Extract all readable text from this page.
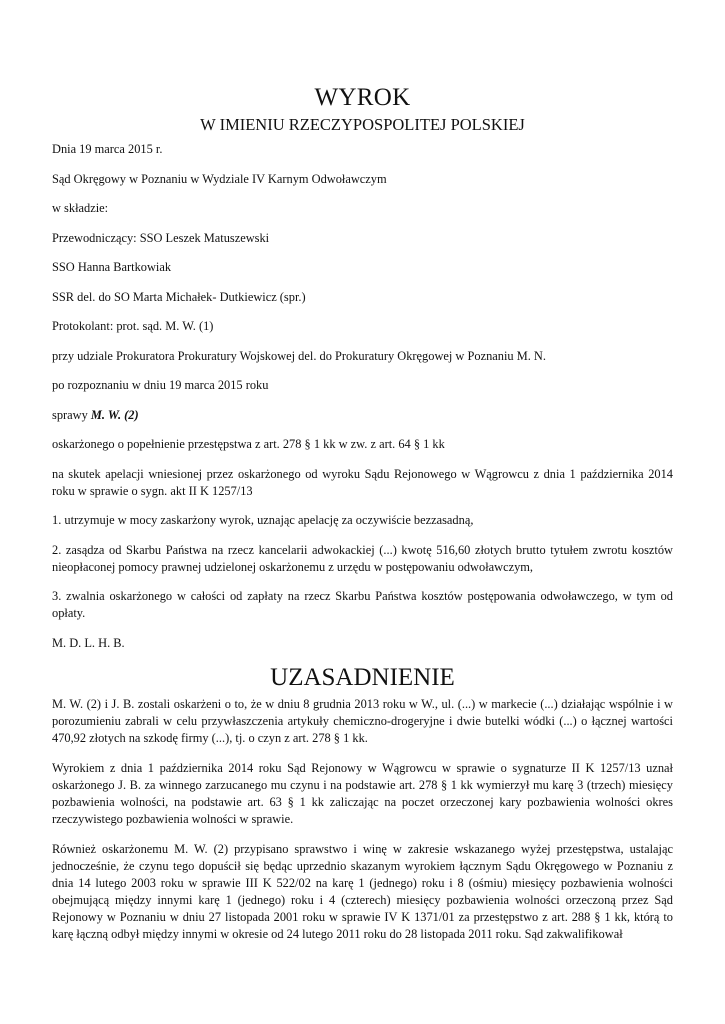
WYROK
W IMIENIU RZECZYPOSPOLITEJ POLSKIEJ

Dnia 19 marca 2015 r.

Sąd Okręgowy w Poznaniu w Wydziale IV Karnym Odwoławczym

w składzie:

Przewodniczący: SSO Leszek Matuszewski

SSO Hanna Bartkowiak

SSR del. do SO Marta Michałek- Dutkiewicz (spr.)

Protokolant: prot. sąd. M. W. (1)

przy udziale Prokuratora Prokuratury Wojskowej del. do Prokuratury Okręgowej w Poznaniu M. N.

po rozpoznaniu w dniu 19 marca 2015 roku

sprawy M. W. (2)

oskarżonego o popełnienie przestępstwa z art. 278 § 1 kk w zw. z art. 64 § 1 kk

na skutek apelacji wniesionej przez oskarżonego od wyroku Sądu Rejonowego w Wągrowcu z dnia 1 października 2014 roku w sprawie o sygn. akt II K 1257/13

1. utrzymuje w mocy zaskarżony wyrok, uznając apelację za oczywiście bezzasadną,

2. zasądza od Skarbu Państwa na rzecz kancelarii adwokackiej (...) kwotę 516,60 złotych brutto tytułem zwrotu kosztów nieopłaconej pomocy prawnej udzielonej oskarżonemu z urzędu w postępowaniu odwoławczym,

3. zwalnia oskarżonego w całości od zapłaty na rzecz Skarbu Państwa kosztów postępowania odwoławczego, w tym od opłaty.

M. D. L. H. B.

UZASADNIENIE

M. W. (2) i J. B. zostali oskarżeni o to, że w dniu 8 grudnia 2013 roku w W., ul. (...) w markecie (...) działając wspólnie i w porozumieniu zabrali w celu przywłaszczenia artykuły chemiczno-drogeryjne i dwie butelki wódki (...) o łącznej wartości 470,92 złotych na szkodę firmy (...), tj. o czyn z art. 278 § 1 kk.

Wyrokiem z dnia 1 października 2014 roku Sąd Rejonowy w Wągrowcu w sprawie o sygnaturze II K 1257/13 uznał oskarżonego J. B. za winnego zarzucanego mu czynu i na podstawie art. 278 § 1 kk wymierzył mu karę 3 (trzech) miesięcy pozbawienia wolności, na podstawie art. 63 § 1 kk zaliczając na poczet orzeczonej kary pozbawienia wolności okres rzeczywistego pozbawienia wolności w sprawie.

Również oskarżonemu M. W. (2) przypisano sprawstwo i winę w zakresie wskazanego wyżej przestępstwa, ustalając jednocześnie, że czynu tego dopuścił się będąc uprzednio skazanym wyrokiem łącznym Sądu Okręgowego w Poznaniu z dnia 14 lutego 2003 roku w sprawie III K 522/02 na karę 1 (jednego) roku i 8 (ośmiu) miesięcy pozbawienia wolności obejmującą między innymi karę 1 (jednego) roku i 4 (czterech) miesięcy pozbawienia wolności orzeczoną przez Sąd Rejonowy w Poznaniu w dniu 27 listopada 2001 roku w sprawie IV K 1371/01 za przestępstwo z art. 288 § 1 kk, którą to karę łączną odbył między innymi w okresie od 24 lutego 2011 roku do 28 listopada 2011 roku. Sąd zakwalifikował
